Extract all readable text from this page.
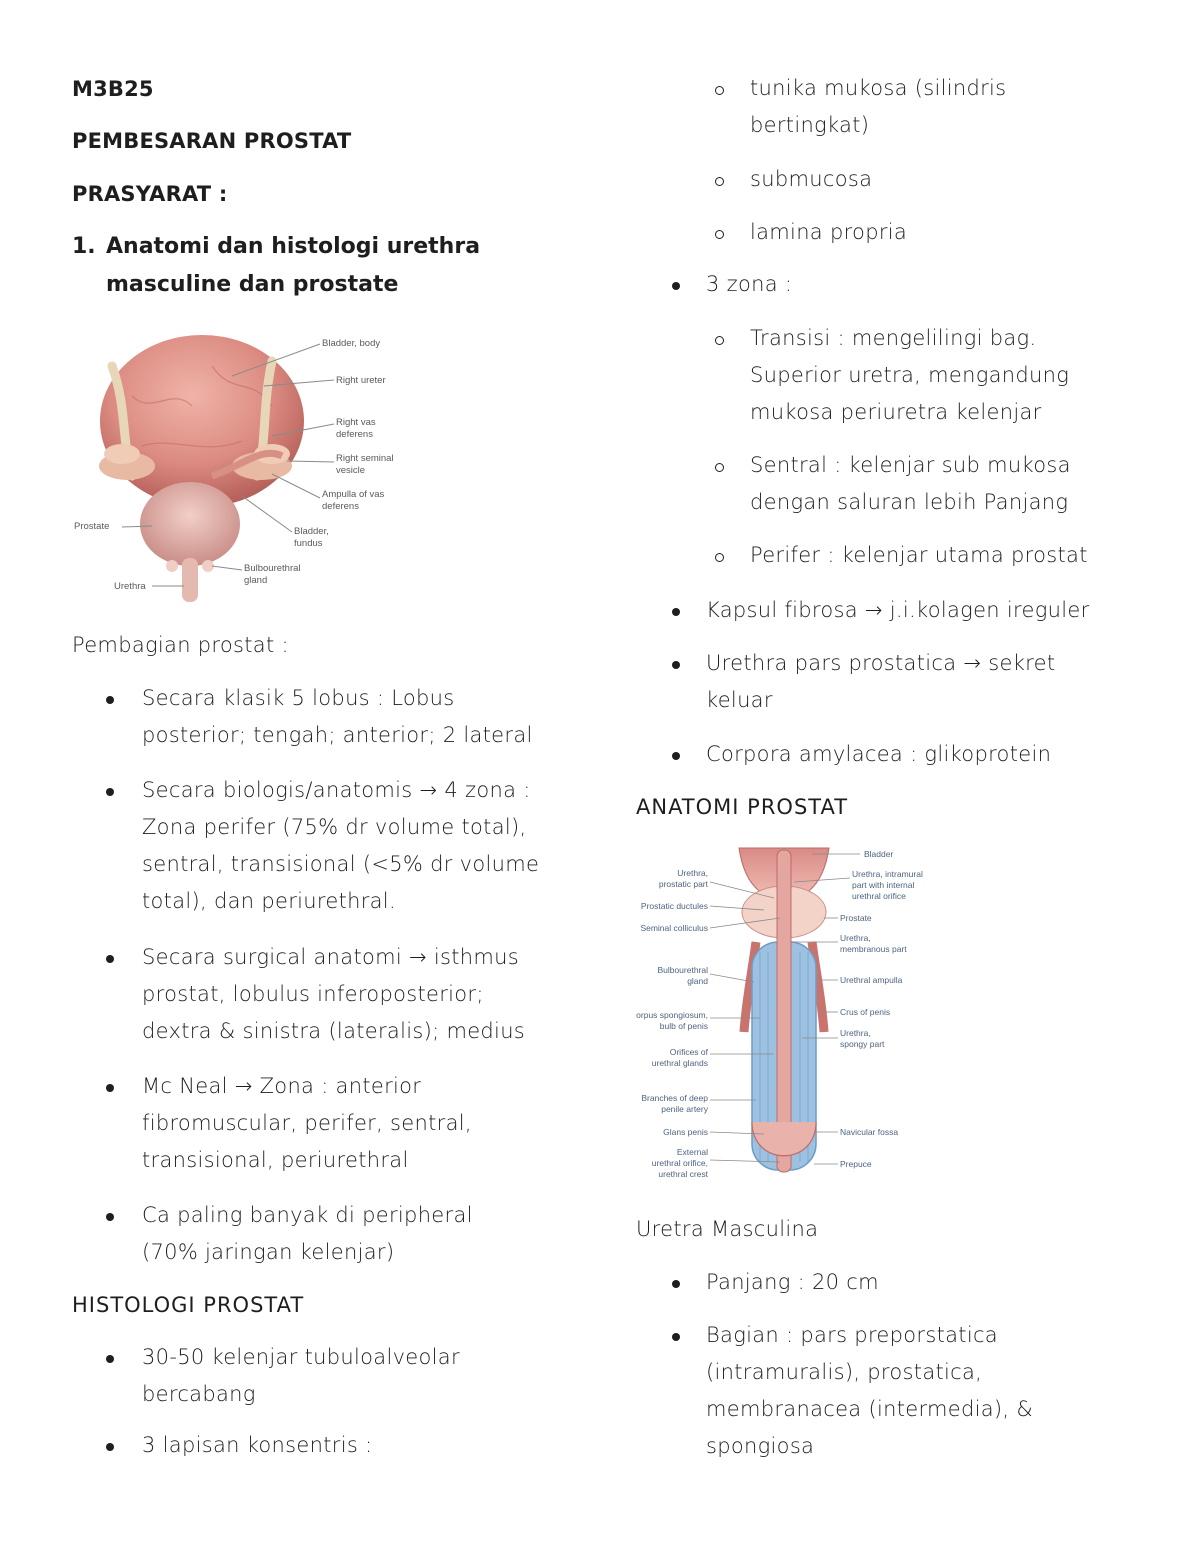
M3B25
PEMBESARAN PROSTAT
PRASYARAT :
1. Anatomi dan histologi urethra
masculine dan prostate
Bladder, body
Right ureter
Right vas
deferens
Right seminal
vesicle
Ampulla of vas
deferens
Bladder,
fundus
Bulbourethral
gland
Prostate
Urethra
Pembagian prostat :
Secara klasik 5 lobus : Lobus
posterior; tengah; anterior; 2 lateral
Secara biologis/anatomis → 4 zona :
Zona perifer (75% dr volume total),
sentral, transisional (<5% dr volume
total), dan periurethral.
Secara surgical anatomi → isthmus
prostat, lobulus inferoposterior;
dextra & sinistra (lateralis); medius
Mc Neal → Zona : anterior
fibromuscular, perifer, sentral,
transisional, periurethral
Ca paling banyak di peripheral
(70% jaringan kelenjar)
HISTOLOGI PROSTAT
30-50 kelenjar tubuloalveolar
bercabang
3 lapisan konsentris :
tunika mukosa (silindris
bertingkat)
submucosa
lamina propria
3 zona :
Transisi : mengelilingi bag.
Superior uretra, mengandung
mukosa periuretra kelenjar
Sentral : kelenjar sub mukosa
dengan saluran lebih Panjang
Perifer : kelenjar utama prostat
Kapsul fibrosa → j.i.kolagen ireguler
Urethra pars prostatica → sekret
keluar
Corpora amylacea : glikoprotein
ANATOMI PROSTAT
Urethra,
prostatic part
Prostatic ductules
Seminal colliculus
Bulbourethral
gland
orpus spongiosum,
bulb of penis
Orifices of
urethral glands
Branches of deep
penile artery
Glans penis
External
urethral orifice,
urethral crest
Bladder
Urethra, intramural
part with internal
urethral orifice
Prostate
Urethra,
membranous part
Urethral ampulla
Crus of penis
Urethra,
spongy part
Navicular fossa
Prepuce
Uretra Masculina
Panjang : 20 cm
Bagian : pars preporstatica
(intramuralis), prostatica,
membranacea (intermedia), &
spongiosa
